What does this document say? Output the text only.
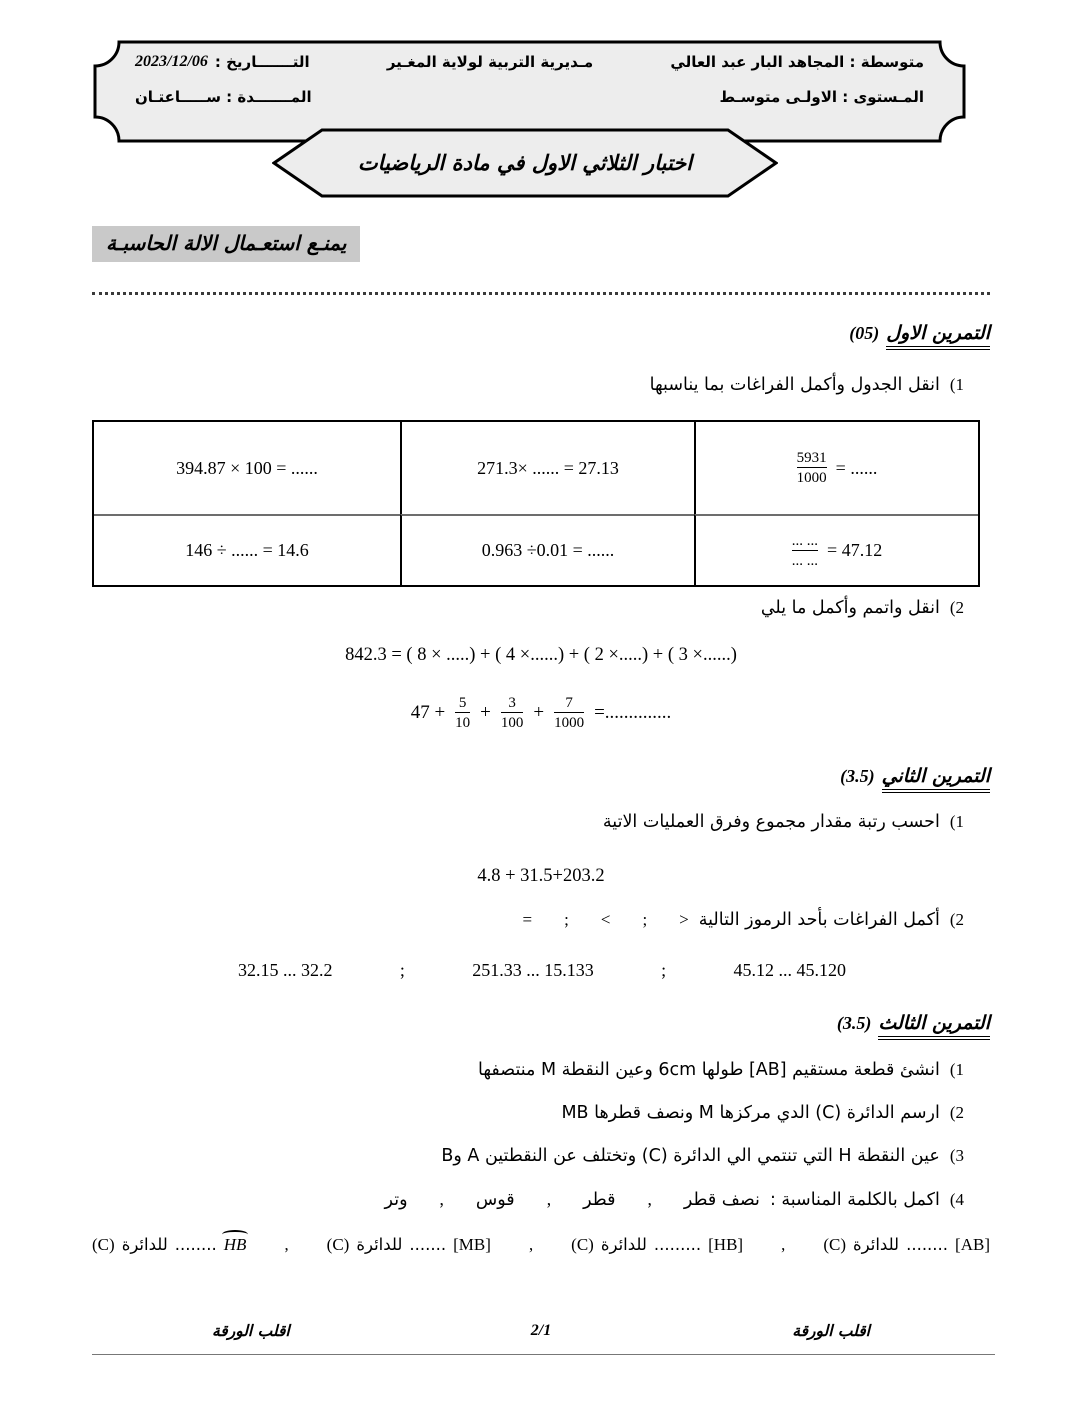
متوسطة : المجاهد البار عبد العالي
مـديرية التربية لولاية المغـير
التـــــــاريخ :
2023/12/06
المـستوى : الاولـى متوسـط
المـــــــدة : ســـــاعتـان
اختبار الثلاثي الاول في مادة الرياضيات
يمنـع استعـمال الالة الحاسبـة
التمرين الاول
(05)
(1
انقل الجدول وأكمل الفراغات بما يناسبها
394.87 × 100 = ......	271.3× ...... = 27.13	$\frac{5931}{1000}$ = ......
146 ÷ ...... = 14.6	0.963 ÷0.01 = ......	$\frac{... ...}{... ...} = 47.12$
(2
انقل واتمم وأكمل ما يلي
842.3 = ( 8 × .....) + ( 4 ×......) + ( 2 ×.....) + ( 3 ×......)
$47 + \frac{5}{10} + \frac{3}{100} + \frac{7}{1000}$ =..............
التمرين الثاني
(3.5)
(1
احسب رتبة مقدار مجموع وفرق العمليات الاتية
4.8 + 31.5+203.2
(2
أكمل الفراغات بأحد الرموز التالية
>
;
<
;
=
32.15 ... 32.2	;	251.33 ... 15.133	;	45.12 ... 45.120
التمرين الثالث
(3.5)
(1
انشئ قطعة مستقيم [AB] طولها 6cm وعين النقطة M منتصفها
(2
ارسم الدائرة (C) الدي مركزها M ونصف قطرها MB
(3
عين النقطة H التي تنتمي الي الدائرة (C) وتختلف عن النقطتين A وB
(4
اكمل بالكلمة المناسبة :
نصف قطر
,
قطر
,
قوس
,
وتر
[AB]
........
للدائرة
(C)
,
[HB]
.........
للدائرة
(C)
,
[MB]
.......
للدائرة
(C)
,
HB
........
للدائرة
(C)
اقلب الورقة	2/1	اقلب الورقة
